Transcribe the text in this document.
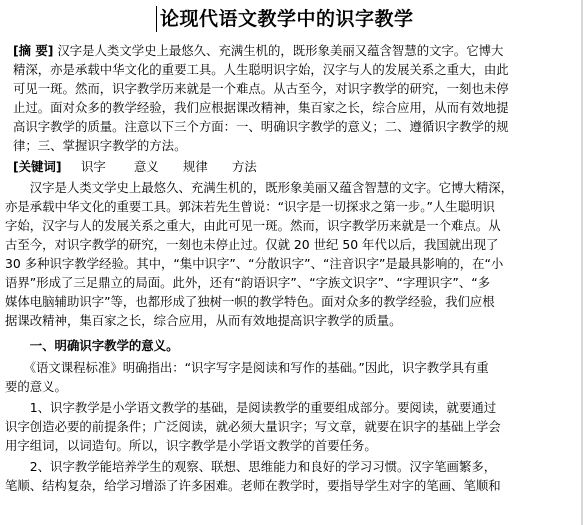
论现代语文教学中的识字教学
[摘 要] 汉字是人类文学史上最悠久、充满生机的，既形象美丽又蕴含智慧的文字。它博大
精深，亦是承载中华文化的重要工具。人生聪明识字始，汉字与人的发展关系之重大，由此
可见一斑。然而，识字教学历来就是一个难点。从古至今，对识字教学的研究，一刻也未停
止过。面对众多的教学经验，我们应根据课改精神，集百家之长，综合应用，从而有效地提
高识字教学的质量。注意以下三个方面：一、明确识字教学的意义；二、遵循识字教学的规
律；三、掌握识字教学的方法。
[关键词] 识字 意义 规律 方法
　　汉字是人类文学史上最悠久、充满生机的，既形象美丽又蕴含智慧的文字。它博大精深，
亦是承载中华文化的重要工具。郭沫若先生曾说：“识字是一切探求之第一步。”人生聪明识
字始，汉字与人的发展关系之重大，由此可见一斑。然而，识字教学历来就是一个难点。从
古至今，对识字教学的研究，一刻也未停止过。仅就 20 世纪 50 年代以后，我国就出现了
30 多种识字教学经验。其中，“集中识字”、“分散识字”、“注音识字”是最具影响的，在“小
语界”形成了三足鼎立的局面。此外，还有“韵语识字”、“字族文识字”、“字理识字”、“多
媒体电脑辅助识字”等，也都形成了独树一帜的教学特色。面对众多的教学经验，我们应根
据课改精神，集百家之长，综合应用，从而有效地提高识字教学的质量。
　　一、明确识字教学的意义。
　　《语文课程标准》明确指出：“识字写字是阅读和写作的基础。”因此，识字教学具有重
要的意义。
　　1、识字教学是小学语文教学的基础，是阅读教学的重要组成部分。要阅读，就要通过
识字创造必要的前提条件；广泛阅读，就必须大量识字；写文章，就要在识字的基础上学会
用字组词，以词造句。所以，识字教学是小学语文教学的首要任务。
　　2、识字教学能培养学生的观察、联想、思维能力和良好的学习习惯。汉字笔画繁多，
笔顺、结构复杂，给学习增添了许多困难。老师在教学时，要指导学生对字的笔画、笔顺和
